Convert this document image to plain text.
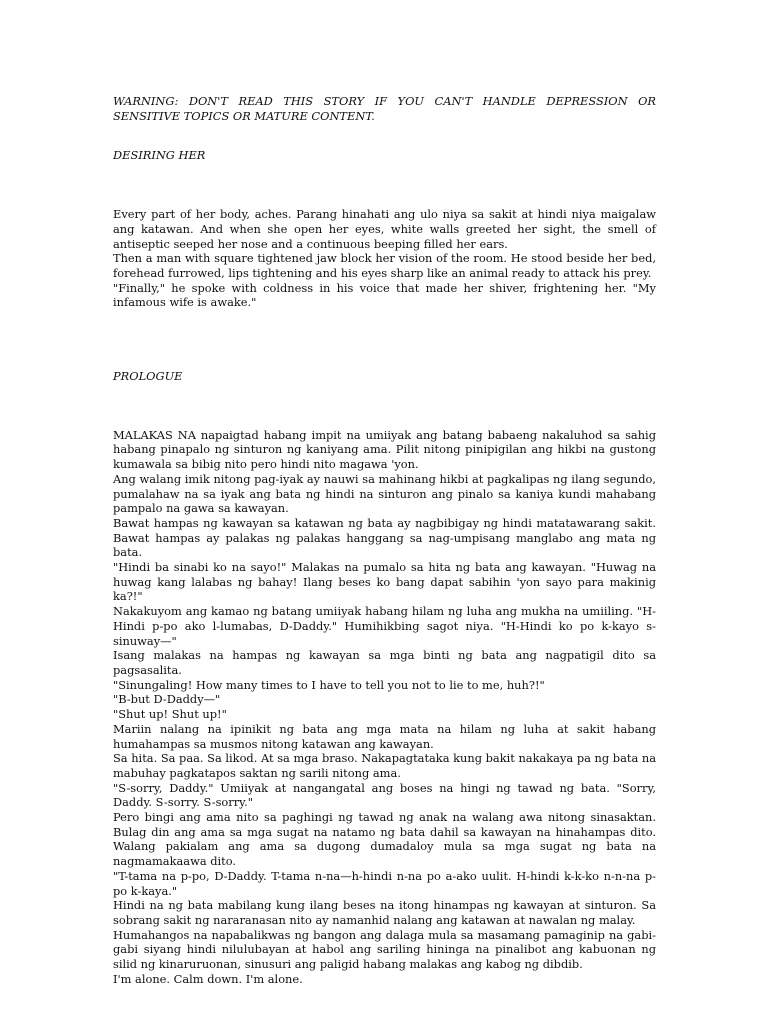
WARNING: DON'T READ THIS STORY IF YOU CAN'T HANDLE DEPRESSION OR SENSITIVE TOPICS OR MATURE CONTENT.

DESIRING HER

Every part of her body, aches. Parang hinahati ang ulo niya sa sakit at hindi niya maigalaw ang katawan. And when she open her eyes, white walls greeted her sight, the smell of antiseptic seeped her nose and a continuous beeping filled her ears.

Then a man with square tightened jaw block her vision of the room. He stood beside her bed, forehead furrowed, lips tightening and his eyes sharp like an animal ready to attack his prey.

"Finally," he spoke with coldness in his voice that made her shiver, frightening her. "My infamous wife is awake."

PROLOGUE

MALAKAS NA napaigtad habang impit na umiiyak ang batang babaeng nakaluhod sa sahig habang pinapalo ng sinturon ng kaniyang ama. Pilit nitong pinipigilan ang hikbi na gustong kumawala sa bibig nito pero hindi nito magawa 'yon.

Ang walang imik nitong pag-iyak ay nauwi sa mahinang hikbi at pagkalipas ng ilang segundo, pumalahaw na sa iyak ang bata ng hindi na sinturon ang pinalo sa kaniya kundi mahabang pampalo na gawa sa kawayan.

Bawat hampas ng kawayan sa katawan ng bata ay nagbibigay ng hindi matatawarang sakit. Bawat hampas ay palakas ng palakas hanggang sa nag-umpisang manglabo ang mata ng bata.

"Hindi ba sinabi ko na sayo!" Malakas na pumalo sa hita ng bata ang kawayan. "Huwag na huwag kang lalabas ng bahay! Ilang beses ko bang dapat sabihin 'yon sayo para makinig ka?!"

Nakakuyom ang kamao ng batang umiiyak habang hilam ng luha ang mukha na umiiling. "H-Hindi p-po ako l-lumabas, D-Daddy." Humihikbing sagot niya. "H-Hindi ko po k-kayo s-sinuway—"

Isang malakas na hampas ng kawayan sa mga binti ng bata ang nagpatigil dito sa pagsasalita.

"Sinungaling! How many times to I have to tell you not to lie to me, huh?!"

"B-but D-Daddy—"

"Shut up! Shut up!"

Mariin nalang na ipinikit ng bata ang mga mata na hilam ng luha at sakit habang humahampas sa musmos nitong katawan ang kawayan.

Sa hita. Sa paa. Sa likod. At sa mga braso. Nakapagtataka kung bakit nakakaya pa ng bata na mabuhay pagkatapos saktan ng sarili nitong ama.

"S-sorry, Daddy." Umiiyak at nangangatal ang boses na hingi ng tawad ng bata. "Sorry, Daddy. S-sorry. S-sorry."

Pero bingi ang ama nito sa paghingi ng tawad ng anak na walang awa nitong sinasaktan. Bulag din ang ama sa mga sugat na natamo ng bata dahil sa kawayan na hinahampas dito. Walang pakialam ang ama sa dugong dumadaloy mula sa mga sugat ng bata na nagmamakaawa dito.

"T-tama na p-po, D-Daddy. T-tama n-na—h-hindi n-na po a-ako uulit. H-hindi k-k-ko n-n-na p-po k-kaya."

Hindi na ng bata mabilang kung ilang beses na itong hinampas ng kawayan at sinturon. Sa sobrang sakit ng nararanasan nito ay namanhid nalang ang katawan at nawalan ng malay.

Humahangos na napabalikwas ng bangon ang dalaga mula sa masamang pamaginip na gabi-gabi siyang hindi nilulubayan at habol ang sariling hininga na pinalibot ang kabuonan ng silid ng kinaruruonan, sinusuri ang paligid habang malakas ang kabog ng dibdib.

I'm alone. Calm down. I'm alone.
